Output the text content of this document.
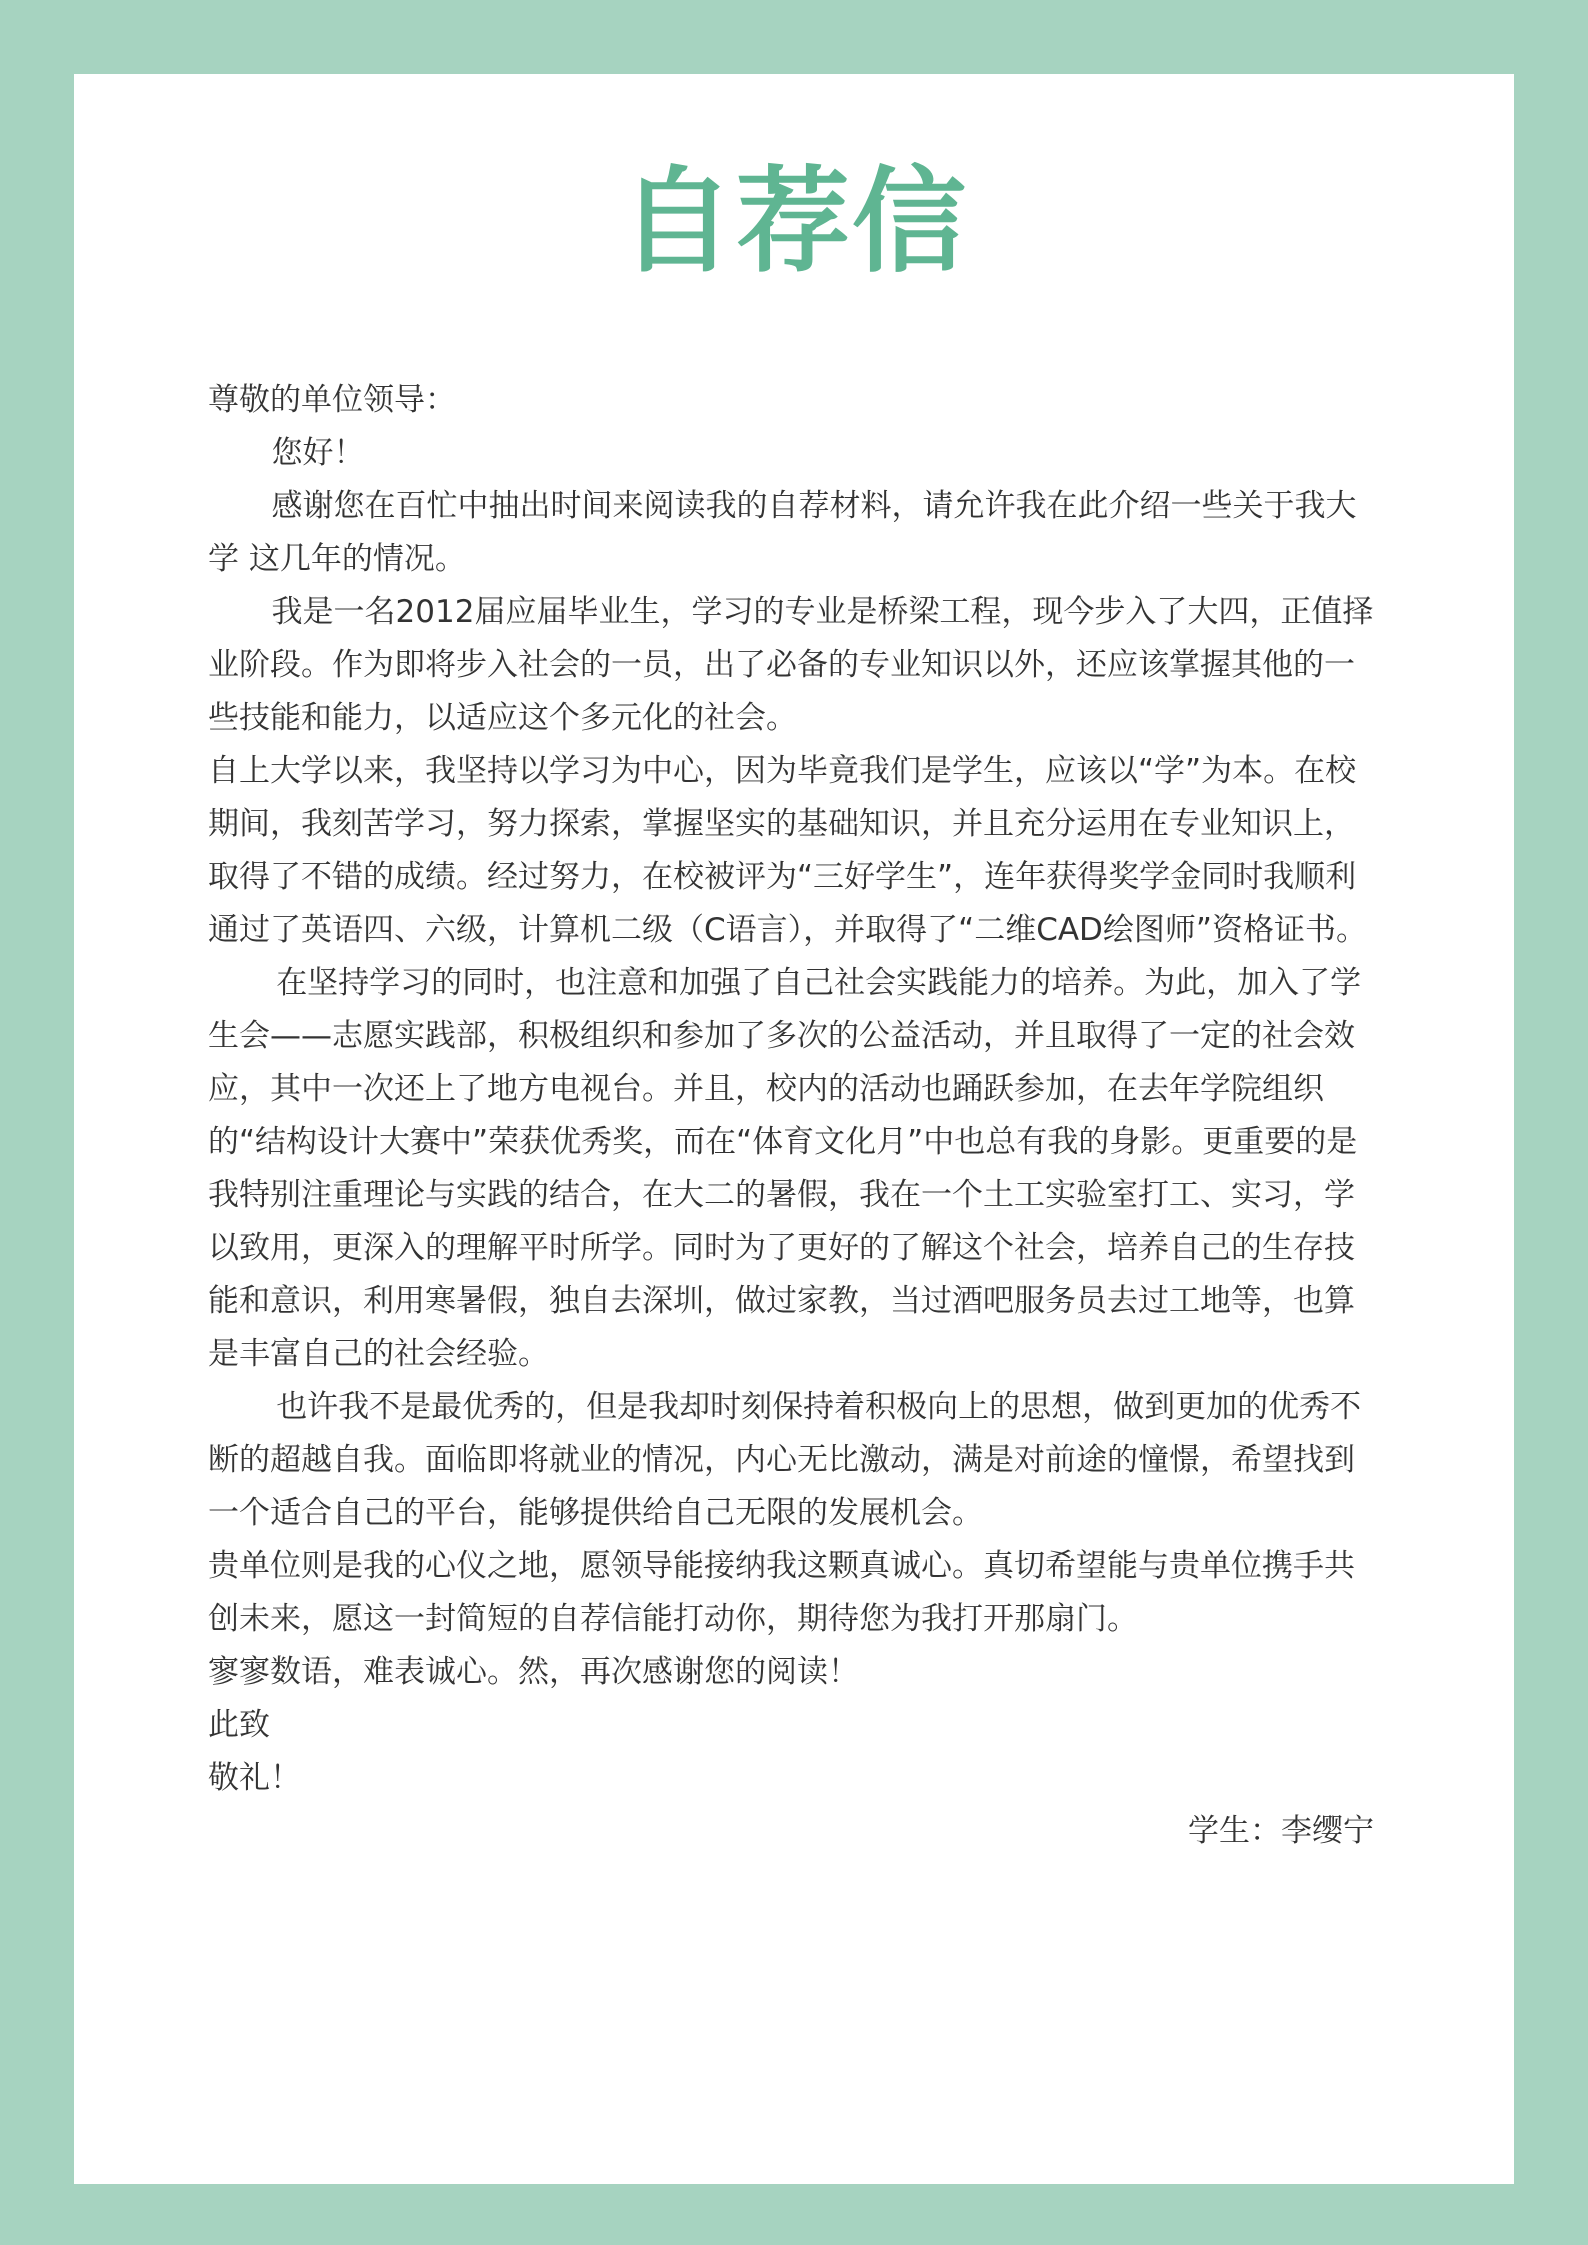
自荐信

尊敬的单位领导：

您好！

感谢您在百忙中抽出时间来阅读我的自荐材料，请允许我在此介绍一些关于我大学 这几年的情况。

我是一名2012届应届毕业生，学习的专业是桥梁工程，现今步入了大四，正值择业阶段。作为即将步入社会的一员，出了必备的专业知识以外，还应该掌握其他的一些技能和能力，以适应这个多元化的社会。

自上大学以来，我坚持以学习为中心，因为毕竟我们是学生，应该以“学”为本。在校期间，我刻苦学习，努力探索，掌握坚实的基础知识，并且充分运用在专业知识上，取得了不错的成绩。经过努力，在校被评为“三好学生”，连年获得奖学金同时我顺利通过了英语四、六级，计算机二级（C语言），并取得了“二维CAD绘图师”资格证书。

在坚持学习的同时，也注意和加强了自己社会实践能力的培养。为此，加入了学生会——志愿实践部，积极组织和参加了多次的公益活动，并且取得了一定的社会效应，其中一次还上了地方电视台。并且，校内的活动也踊跃参加，在去年学院组织的“结构设计大赛中”荣获优秀奖，而在“体育文化月”中也总有我的身影。更重要的是我特别注重理论与实践的结合，在大二的暑假，我在一个土工实验室打工、实习，学以致用，更深入的理解平时所学。同时为了更好的了解这个社会，培养自己的生存技能和意识，利用寒暑假，独自去深圳，做过家教，当过酒吧服务员去过工地等，也算是丰富自己的社会经验。

也许我不是最优秀的，但是我却时刻保持着积极向上的思想，做到更加的优秀不断的超越自我。面临即将就业的情况，内心无比激动，满是对前途的憧憬，希望找到一个适合自己的平台，能够提供给自己无限的发展机会。

贵单位则是我的心仪之地，愿领导能接纳我这颗真诚心。真切希望能与贵单位携手共创未来，愿这一封简短的自荐信能打动你，期待您为我打开那扇门。

寥寥数语，难表诚心。然，再次感谢您的阅读！

此致

敬礼！

学生：李缨宁
